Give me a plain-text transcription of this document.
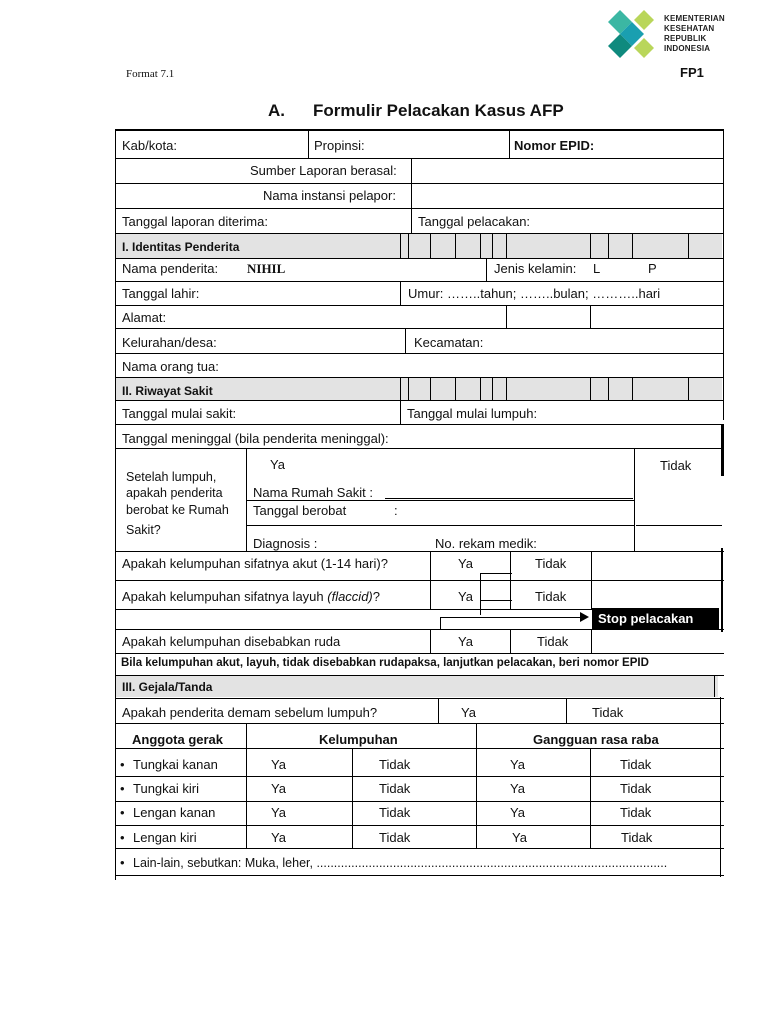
KEMENTERIAN
KESEHATAN
REPUBLIK
INDONESIA
Format 7.1	FP1
A. Formulir Pelacakan Kasus AFP
Stop pelacakan
Kab/kota:	Propinsi:	Nomor EPID:
Sumber Laporan berasal:
Nama instansi pelapor:
Tanggal laporan diterima:	Tanggal pelacakan:
I. Identitas Penderita
Nama penderita: NIHIL	Jenis kelamin: L	P
Tanggal lahir:	Umur: ……..tahun; ……..bulan; ………..hari
Alamat:
Kelurahan/desa:	Kecamatan:
Nama orang tua:
II. Riwayat Sakit
Tanggal mulai sakit:	Tanggal mulai lumpuh:
Tanggal meninggal (bila penderita meninggal):
Setelah lumpuh,
apakah penderita
berobat ke Rumah
Sakit?
Ya	Tidak
Nama Rumah Sakit :
Tanggal berobat	:
Diagnosis :	No. rekam medik:
Apakah kelumpuhan sifatnya akut (1-14 hari)?	Ya	Tidak
Apakah kelumpuhan sifatnya layuh (flaccid)?	Ya	Tidak
Apakah kelumpuhan disebabkan ruda	Ya	Tidak
Bila kelumpuhan akut, layuh, tidak disebabkan rudapaksa, lanjutkan pelacakan, beri nomor EPID
III. Gejala/Tanda
Apakah penderita demam sebelum lumpuh?	Ya	Tidak
Anggota gerak	Kelumpuhan	Gangguan rasa raba
• Tungkai kanan	Ya	Tidak	Ya	Tidak
• Tungkai kiri	Ya	Tidak	Ya	Tidak
• Lengan kanan	Ya	Tidak	Ya	Tidak
• Lengan kiri	Ya	Tidak	Ya	Tidak
• Lain-lain, sebutkan: Muka, leher, .....................................................................................................
